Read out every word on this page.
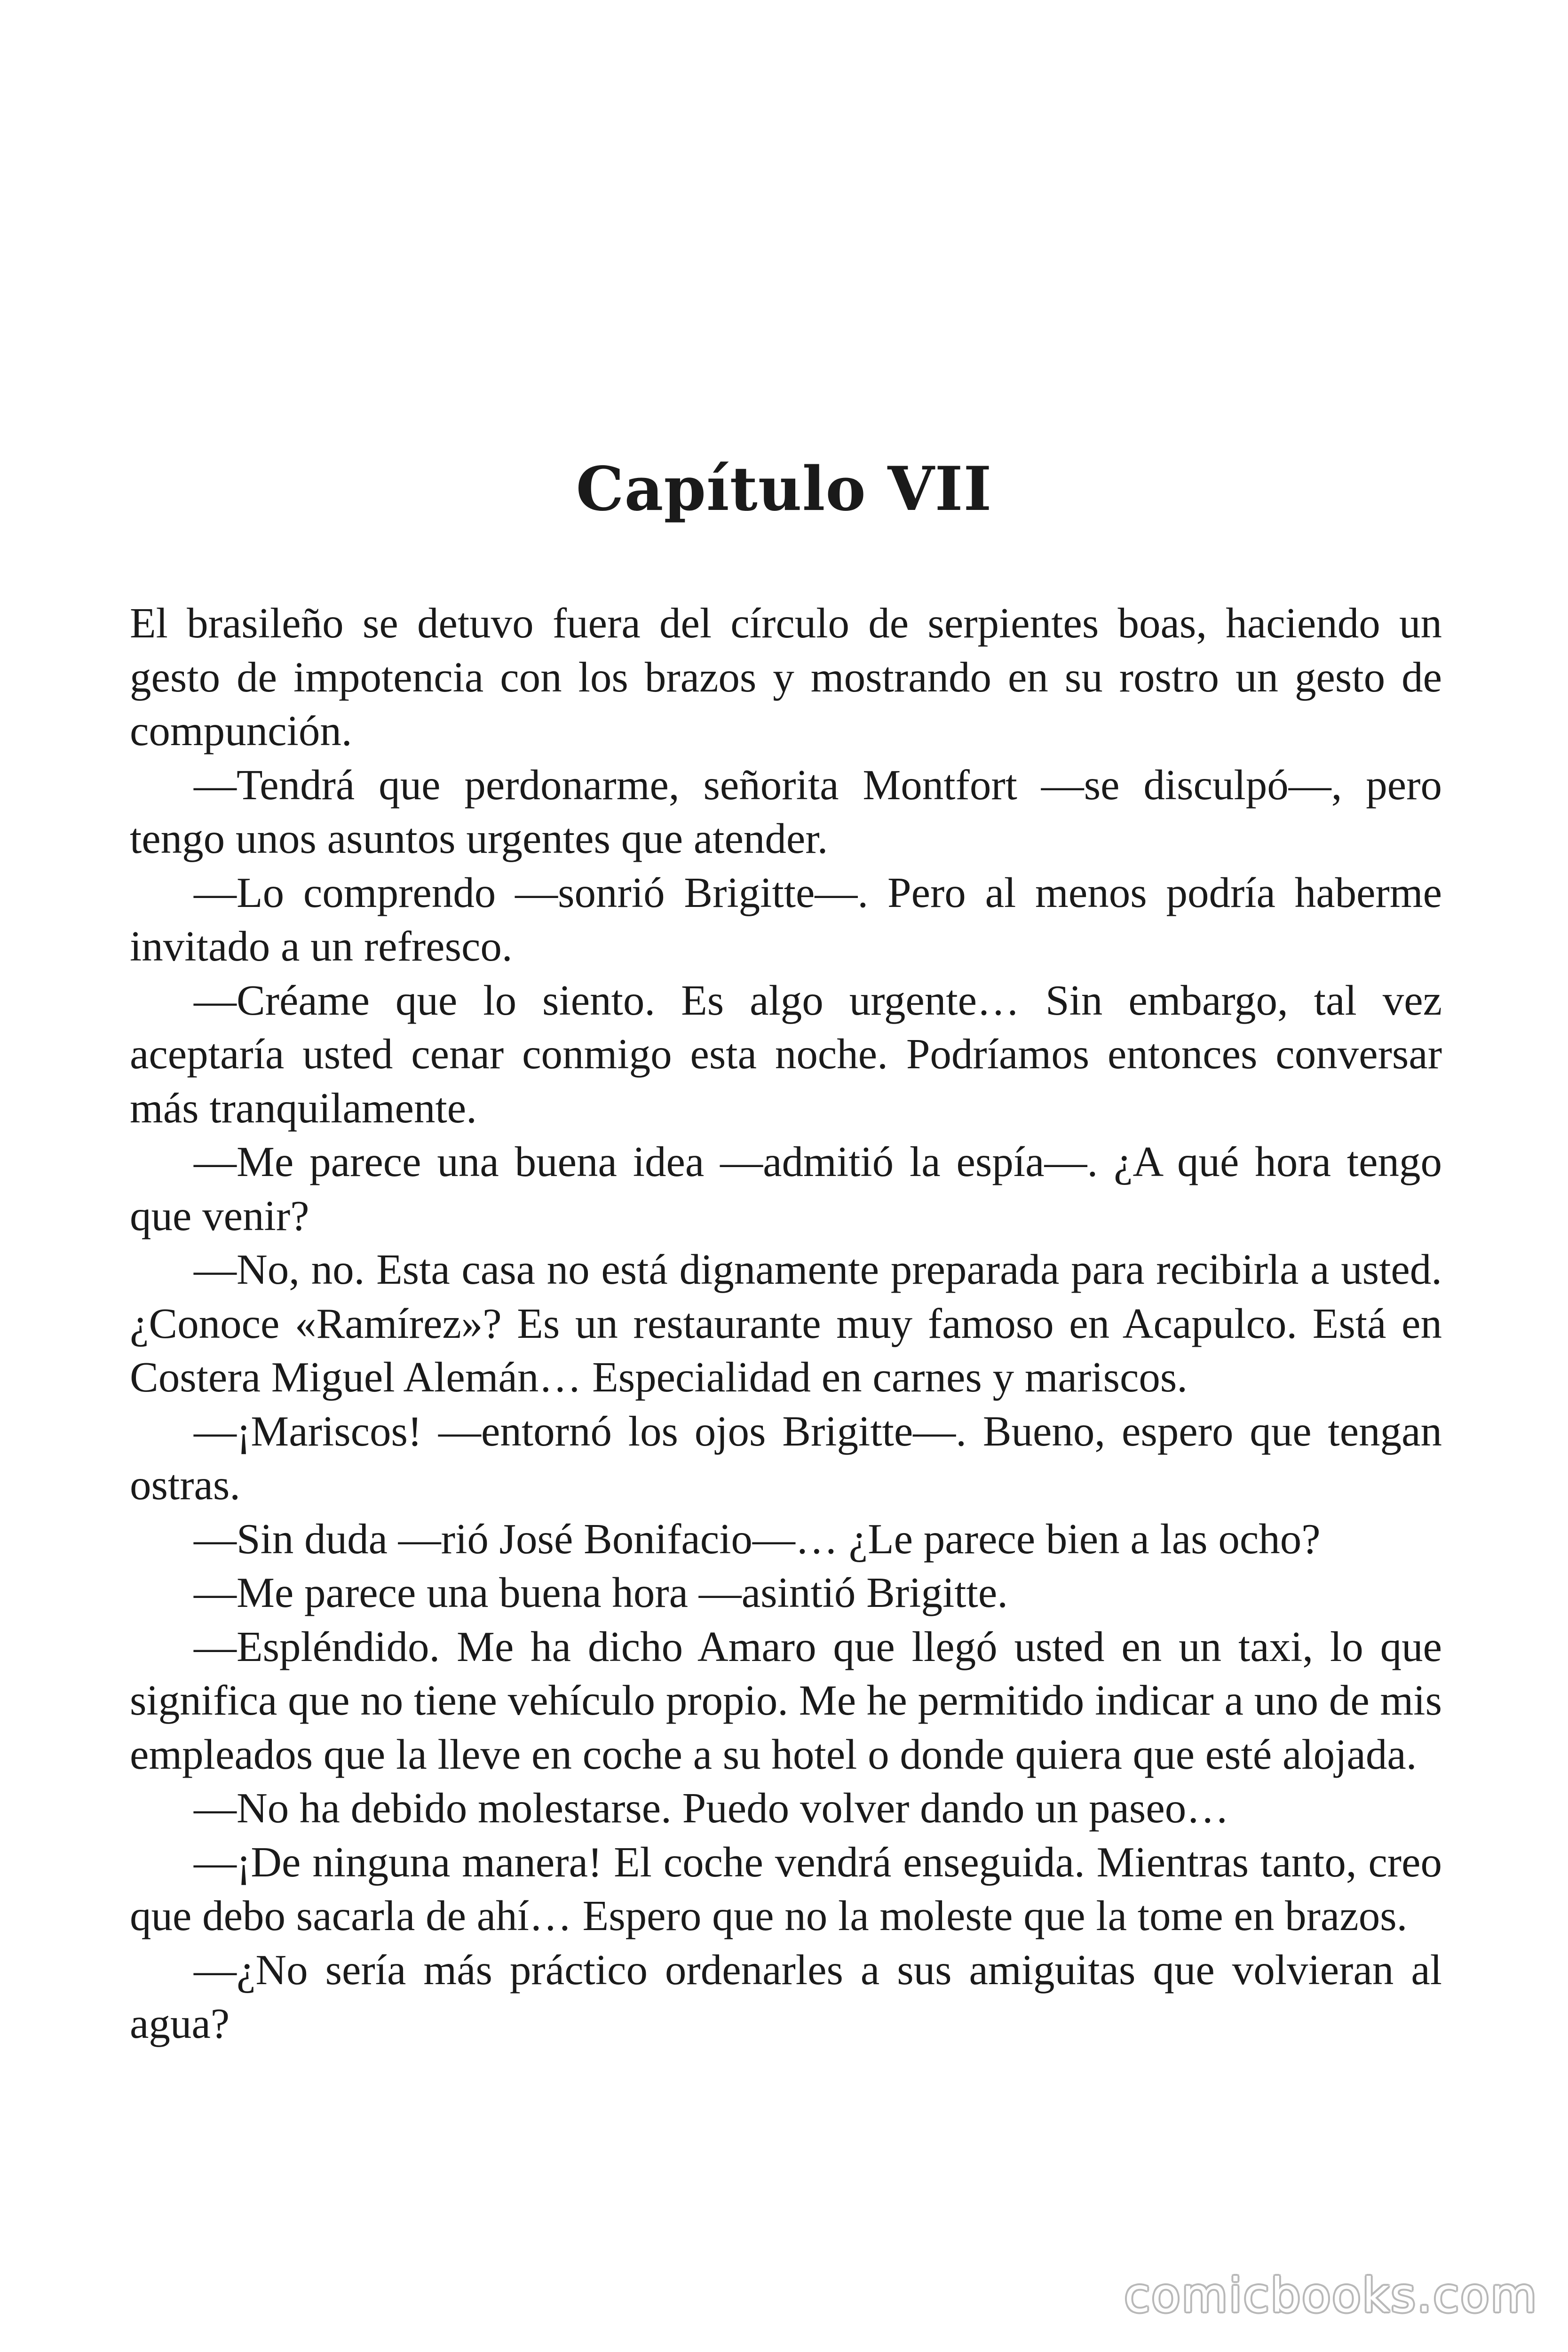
Capítulo VII

El brasileño se detuvo fuera del círculo de serpientes boas, haciendo un gesto de impotencia con los brazos y mostrando en su rostro un gesto de compunción.

—Tendrá que perdonarme, señorita Montfort —se disculpó—, pero tengo unos asuntos urgentes que atender.

—Lo comprendo —sonrió Brigitte—. Pero al menos podría haberme invitado a un refresco.

—Créame que lo siento. Es algo urgente… Sin embargo, tal vez aceptaría usted cenar conmigo esta noche. Podríamos entonces conversar más tranquilamente.

—Me parece una buena idea —admitió la espía—. ¿A qué hora tengo que venir?

—No, no. Esta casa no está dignamente preparada para recibirla a usted. ¿Conoce «Ramírez»? Es un restaurante muy famoso en Acapulco. Está en Costera Miguel Alemán… Especialidad en carnes y mariscos.

—¡Mariscos! —entornó los ojos Brigitte—. Bueno, espero que tengan ostras.

—Sin duda —rió José Bonifacio—… ¿Le parece bien a las ocho?

—Me parece una buena hora —asintió Brigitte.

—Espléndido. Me ha dicho Amaro que llegó usted en un taxi, lo que significa que no tiene vehículo propio. Me he permitido indicar a uno de mis empleados que la lleve en coche a su hotel o donde quiera que esté alojada.

—No ha debido molestarse. Puedo volver dando un paseo…

—¡De ninguna manera! El coche vendrá enseguida. Mientras tanto, creo que debo sacarla de ahí… Espero que no la moleste que la tome en brazos.

—¿No sería más práctico ordenarles a sus amiguitas que volvieran al agua?

comicbooks.com
